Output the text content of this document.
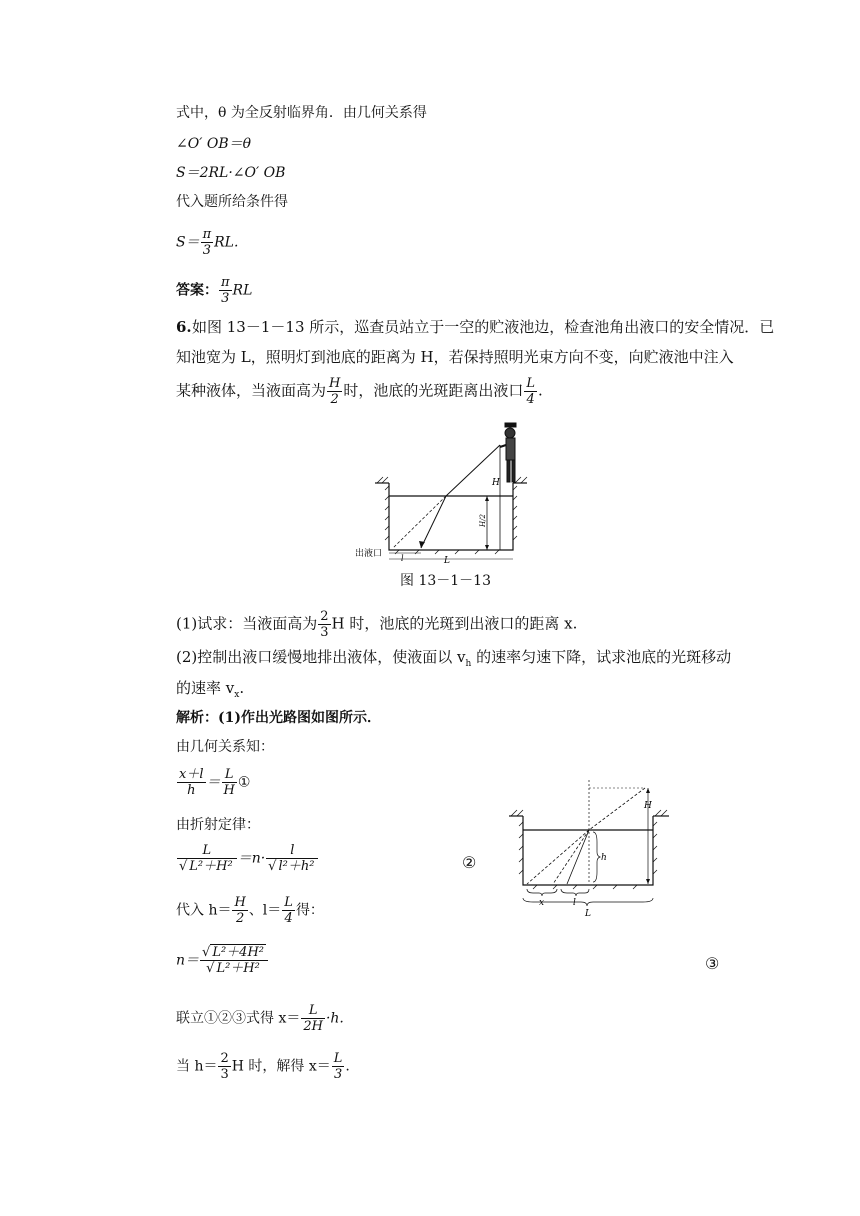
式中，θ 为全反射临界角．由几何关系得
∠O′ OB＝θ
S＝2RL·∠O′ OB
代入题所给条件得
$S= \frac{\pi}{3}$ RL.
答案： $\frac{\pi}{3}$ RL
6. 如图 13－1－13 所示，巡查员站立于一空的贮液池边，检查池角出液口的安全情况．已
知池宽为 L，照明灯到池底的距离为 H，若保持照明光束方向不变，向贮液池中注入
某种液体，当液面高为 $\frac{H}{2}$ 时，池底的光斑距离出液口 $\frac{L}{4}$ .
H
H/2
出液口 l	L
图 13－1－13
(1)试求：当液面高为 $\frac{2}{3}$ H 时，池底的光斑到出液口的距离 x.
(2)控制出液口缓慢地排出液体，使液面以 $v_h$ 的速率匀速下降，试求池底的光斑移动
的速率 $v_x$.
解析：(1)作出光路图如图所示．
由几何关系知：
$\frac{x+l}{h} = \frac{L}{H}$ ①
由折射定律：
$\frac{L}{\text{√ L²＋H²}} =n\cdot \frac{l}{\text{√ l²＋h²}}$	②
代入 $h= \frac{H}{2}$ 、$l= \frac{L}{4}$ 得：
$n= \frac{\text{√ L²＋4H²}}{\text{√ L²＋H²}}$	③
联立①②③式得 $x= \frac{L}{2H} \cdot h$.
当 $h= \frac{2}{3}$ H 时，解得 $x= \frac{L}{3}$ .
H
h
x	l
L
